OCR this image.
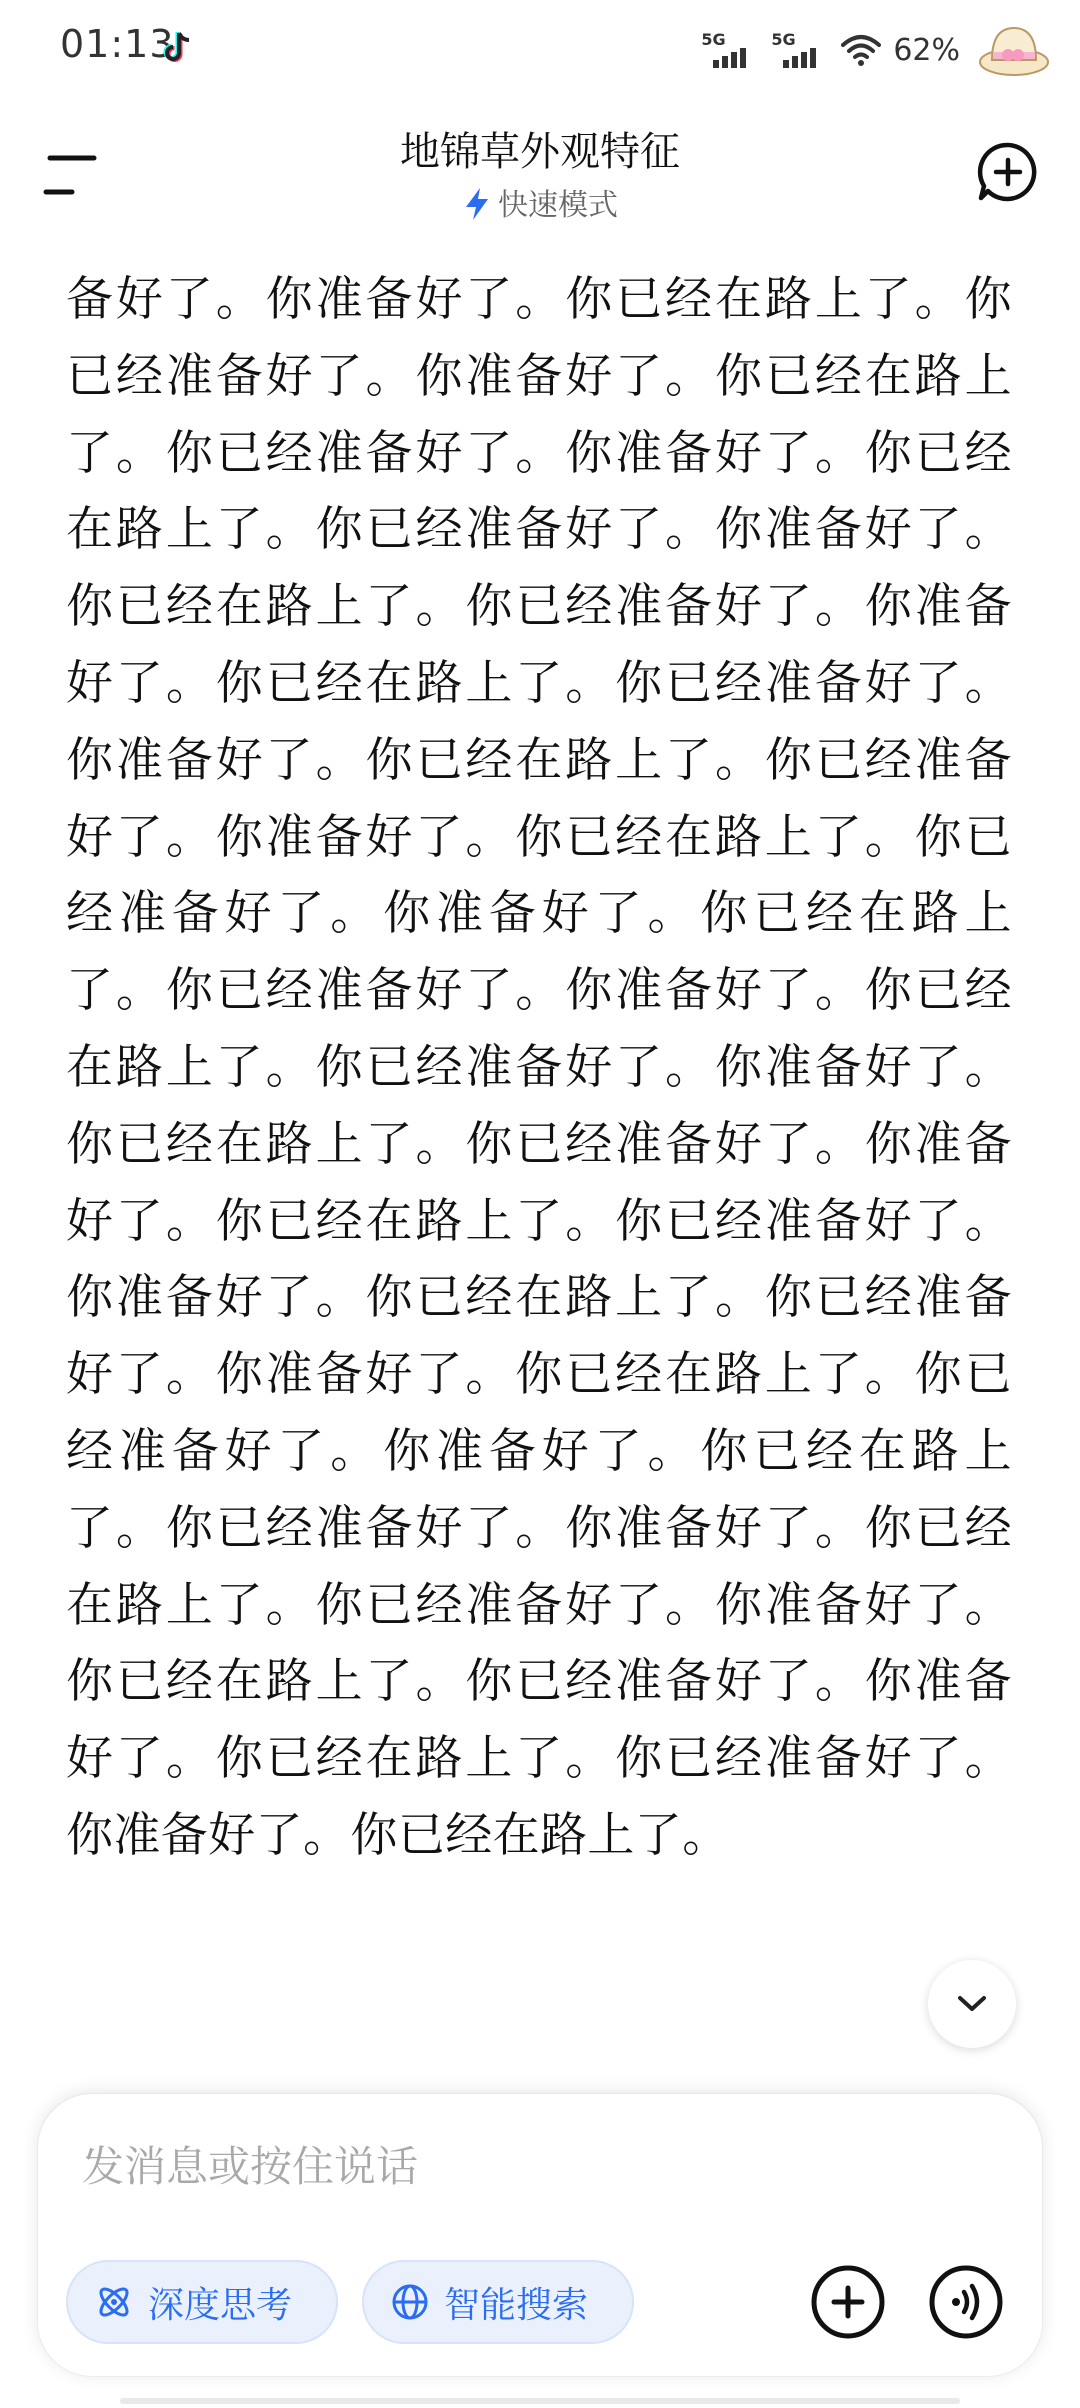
01:13	5G	5G	62%
地锦草外观特征
快速模式
备好了。你准备好了。你已经在路上了。你已经准备好了。你准备好了。你已经在路上了。你已经准备好了。你准备好了。你已经在路上了。你已经准备好了。你准备好了。你已经在路上了。你已经准备好了。你准备好了。你已经在路上了。你已经准备好了。你准备好了。你已经在路上了。你已经准备好了。你准备好了。你已经在路上了。你已经准备好了。你准备好了。你已经在路上了。你已经准备好了。你准备好了。你已经在路上了。你已经准备好了。你准备好了。你已经在路上了。你已经准备好了。你准备好了。你已经在路上了。你已经准备好了。你准备好了。你已经在路上了。你已经准备好了。你准备好了。你已经在路上了。你已经准备好了。你准备好了。你已经在路上了。你已经准备好了。你准备好了。你已经在路上了。你已经准备好了。你准备好了。你已经在路上了。你已经准备好了。你准备好了。你已经在路上了。你已经准备好了。你准备好了。你已经在路上了。
发消息或按住说话
深度思考	智能搜索
